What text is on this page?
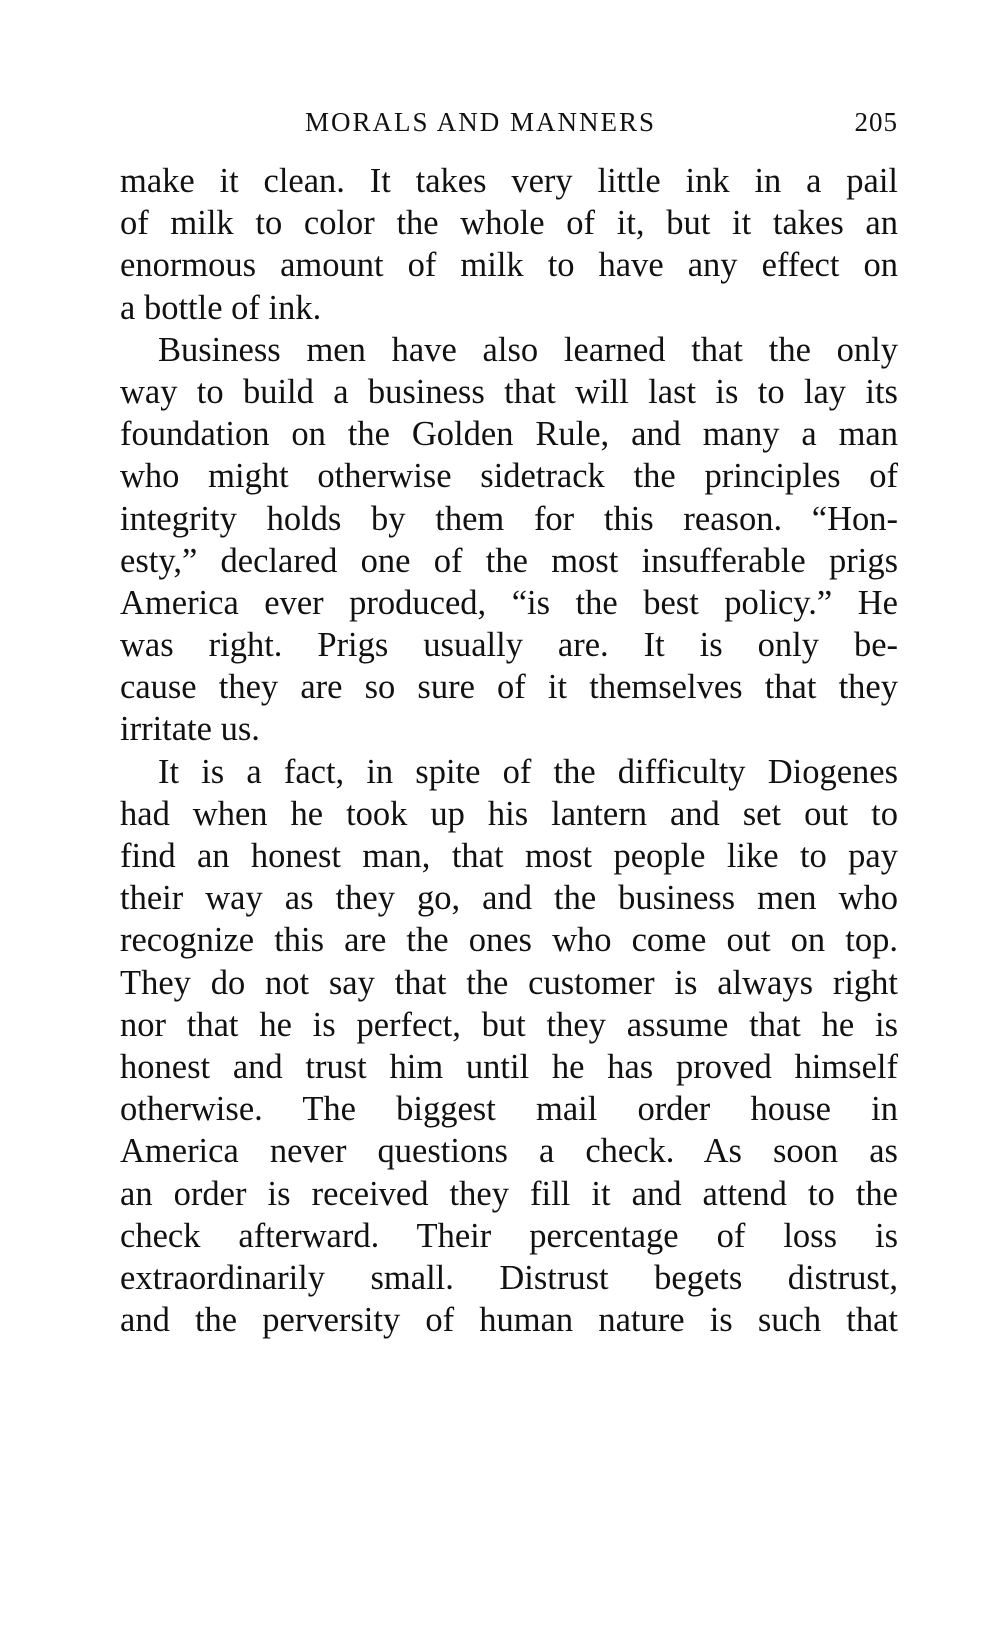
MORALS AND MANNERS	205

make it clean. It takes very little ink in a pail
of milk to color the whole of it, but it takes an
enormous amount of milk to have any effect on
a bottle of ink.

Business men have also learned that the only
way to build a business that will last is to lay its
foundation on the Golden Rule, and many a man
who might otherwise sidetrack the principles of
integrity holds by them for this reason. “Hon-
esty,” declared one of the most insufferable prigs
America ever produced, “is the best policy.” He
was right. Prigs usually are. It is only be-
cause they are so sure of it themselves that they
irritate us.

It is a fact, in spite of the difficulty Diogenes
had when he took up his lantern and set out to
find an honest man, that most people like to pay
their way as they go, and the business men who
recognize this are the ones who come out on top.
They do not say that the customer is always right
nor that he is perfect, but they assume that he is
honest and trust him until he has proved himself
otherwise. The biggest mail order house in
America never questions a check. As soon as
an order is received they fill it and attend to the
check afterward. Their percentage of loss is
extraordinarily small. Distrust begets distrust,
and the perversity of human nature is such that
